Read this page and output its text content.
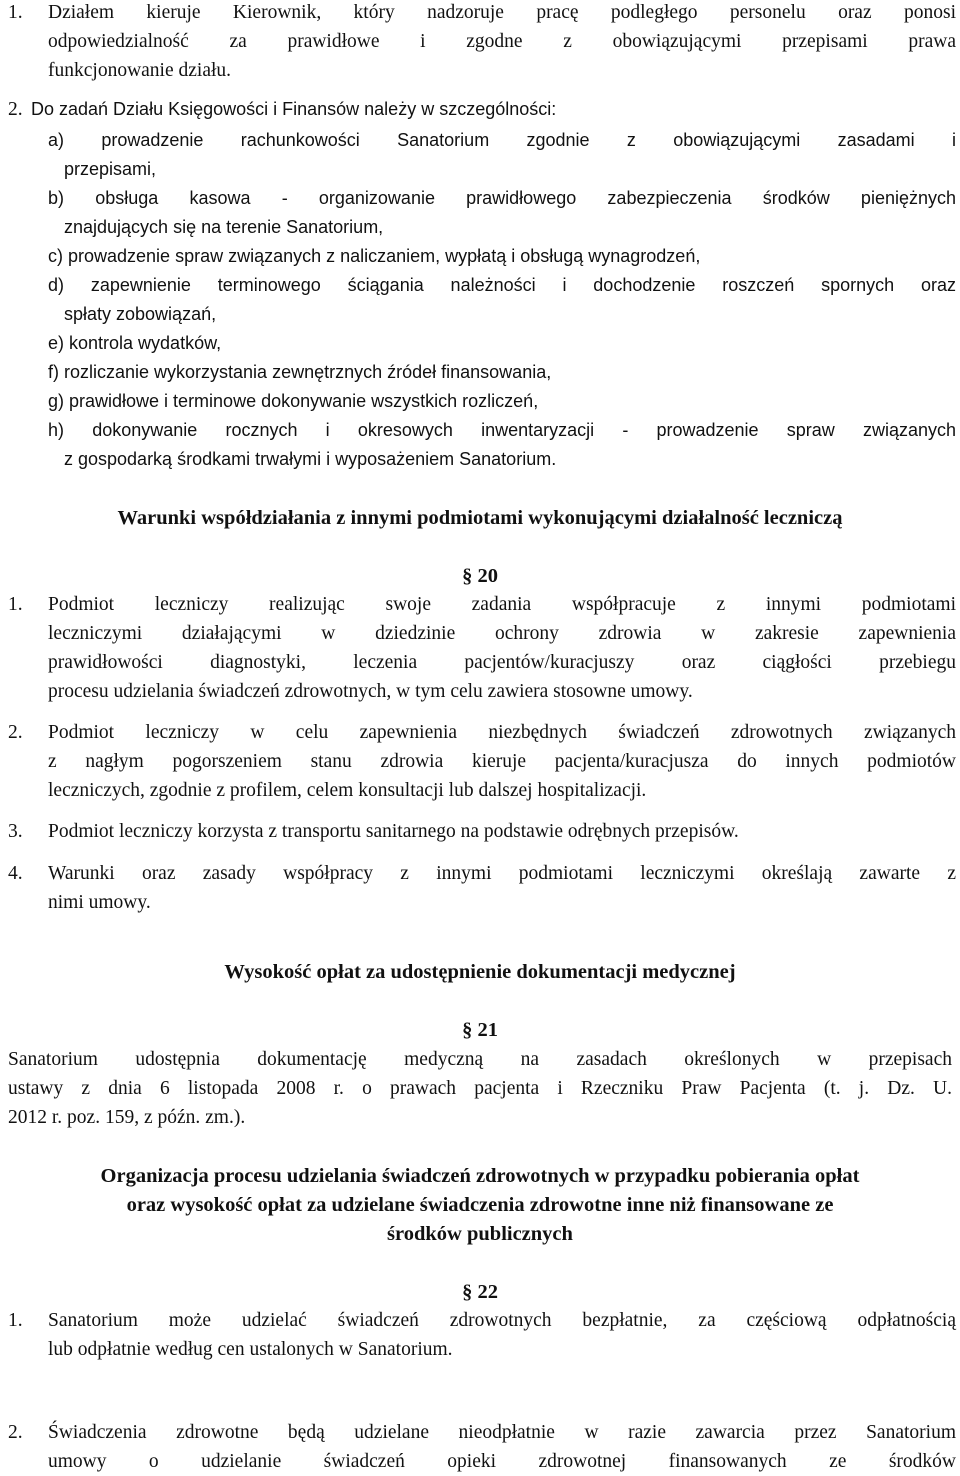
1. Działem kieruje Kierownik, który nadzoruje pracę podległego personelu oraz ponosi
odpowiedzialność za prawidłowe i zgodne z obowiązującymi przepisami prawa
funkcjonowanie działu.
2. Do zadań Działu Księgowości i Finansów należy w szczególności:
a) prowadzenie rachunkowości Sanatorium zgodnie z obowiązującymi zasadami i
przepisami,
b) obsługa kasowa - organizowanie prawidłowego zabezpieczenia środków pieniężnych
znajdujących się na terenie Sanatorium,
c) prowadzenie spraw związanych z naliczaniem, wypłatą i obsługą wynagrodzeń,
d) zapewnienie terminowego ściągania należności i dochodzenie roszczeń spornych oraz
spłaty zobowiązań,
e) kontrola wydatków,
f) rozliczanie wykorzystania zewnętrznych źródeł finansowania,
g) prawidłowe i terminowe dokonywanie wszystkich rozliczeń,
h) dokonywanie rocznych i okresowych inwentaryzacji - prowadzenie spraw związanych
z gospodarką środkami trwałymi i wyposażeniem Sanatorium.
Warunki współdziałania z innymi podmiotami wykonującymi działalność leczniczą
§ 20
1. Podmiot leczniczy realizując swoje zadania współpracuje z innymi podmiotami
leczniczymi działającymi w dziedzinie ochrony zdrowia w zakresie zapewnienia
prawidłowości diagnostyki, leczenia pacjentów/kuracjuszy oraz ciągłości przebiegu
procesu udzielania świadczeń zdrowotnych, w tym celu zawiera stosowne umowy.
2. Podmiot leczniczy w celu zapewnienia niezbędnych świadczeń zdrowotnych związanych
z nagłym pogorszeniem stanu zdrowia kieruje pacjenta/kuracjusza do innych podmiotów
leczniczych, zgodnie z profilem, celem konsultacji lub dalszej hospitalizacji.
3. Podmiot leczniczy korzysta z transportu sanitarnego na podstawie odrębnych przepisów.
4. Warunki oraz zasady współpracy z innymi podmiotami leczniczymi określają zawarte z
nimi umowy.
Wysokość opłat za udostępnienie dokumentacji medycznej
§ 21
Sanatorium udostępnia dokumentację medyczną na zasadach określonych w przepisach
ustawy z dnia 6 listopada 2008 r. o prawach pacjenta i Rzeczniku Praw Pacjenta (t. j. Dz. U.
2012 r. poz. 159, z późn. zm.).
Organizacja procesu udzielania świadczeń zdrowotnych w przypadku pobierania opłat
oraz wysokość opłat za udzielane świadczenia zdrowotne inne niż finansowane ze
środków publicznych
§ 22
1. Sanatorium może udzielać świadczeń zdrowotnych bezpłatnie, za częściową odpłatnością
lub odpłatnie według cen ustalonych w Sanatorium.
2. Świadczenia zdrowotne będą udzielane nieodpłatnie w razie zawarcia przez Sanatorium
umowy o udzielanie świadczeń opieki zdrowotnej finansowanych ze środków
